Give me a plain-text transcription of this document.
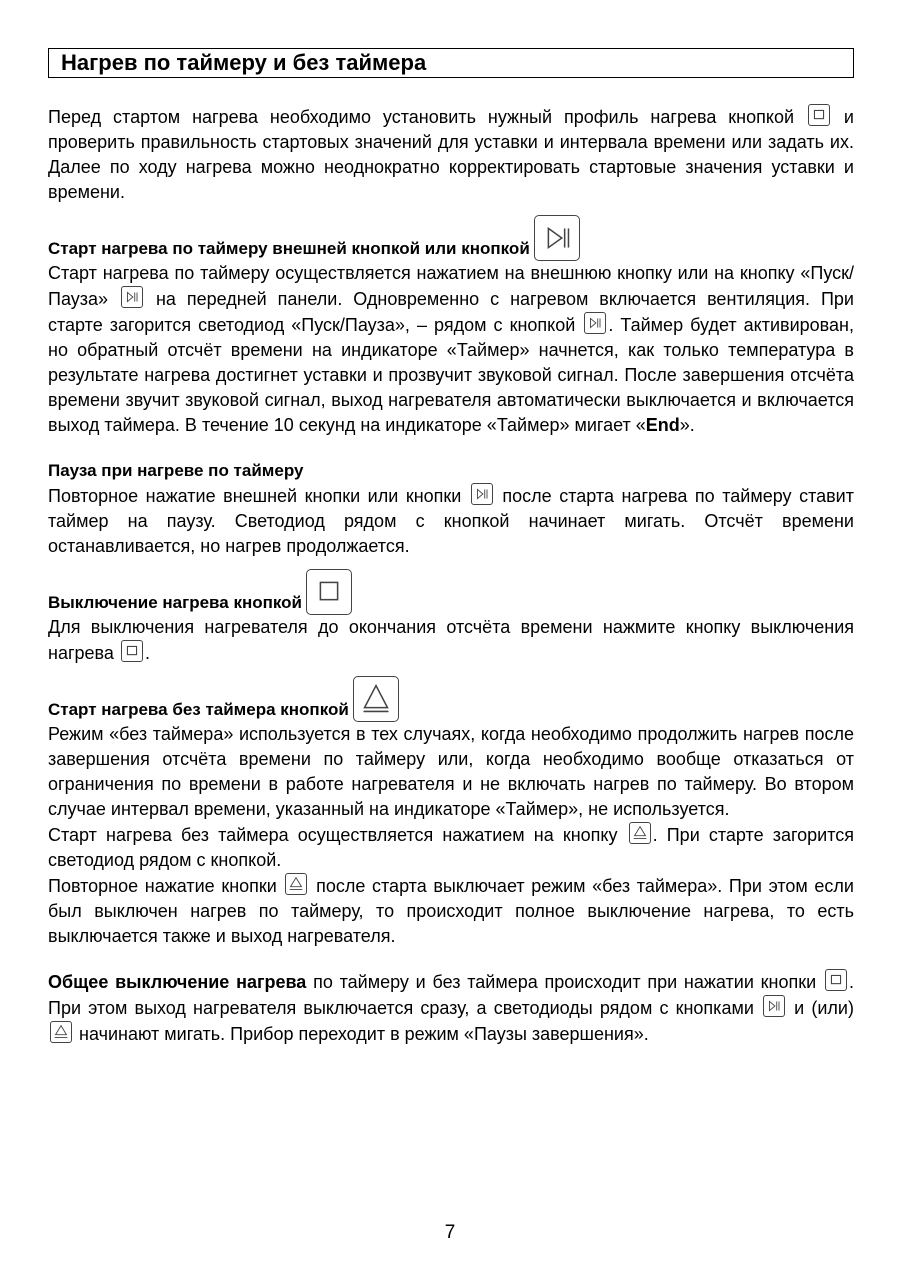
Нагрев по таймеру и без таймера

Перед стартом нагрева необходимо установить нужный профиль нагрева кнопкой	и проверить правильность стартовых значений для уставки и интервала времени или задать их. Далее по ходу нагрева можно неоднократно корректировать стартовые значения уставки и времени.

Старт нагрева по таймеру внешней кнопкой или кнопкой

Старт нагрева по таймеру осуществляется нажатием на внешнюю кнопку или на кнопку «Пуск/Пауза»	на передней панели. Одновременно с нагревом включается вентиляция. При старте загорится светодиод «Пуск/Пауза», – рядом с кнопкой . Таймер будет активирован, но обратный отсчёт времени на индикаторе «Таймер» начнется, как только температура в результате нагрева достигнет уставки и прозвучит звуковой сигнал. После завершения отсчёта времени звучит звуковой сигнал, выход нагревателя автоматически выключается и включается выход таймера. В течение 10 секунд на индикаторе «Таймер» мигает «End».

Пауза при нагреве по таймеру

Повторное нажатие внешней кнопки или кнопки после старта нагрева по таймеру ставит таймер на паузу. Светодиод рядом с кнопкой начинает мигать. Отсчёт времени останавливается, но нагрев продолжается.

Выключение нагрева кнопкой

Для выключения нагревателя до окончания отсчёта времени нажмите кнопку выключения нагрева .

Старт нагрева без таймера кнопкой

Режим «без таймера» используется в тех случаях, когда необходимо продолжить нагрев после завершения отсчёта времени по таймеру или, когда необходимо вообще отказаться от ограничения по времени в работе нагревателя и не включать нагрев по таймеру. Во втором случае интервал времени, указанный на индикаторе «Таймер», не используется.

Старт нагрева без таймера осуществляется нажатием на кнопку . При старте загорится светодиод рядом с кнопкой.

Повторное нажатие кнопки после старта выключает режим «без таймера». При этом если был выключен нагрев по таймеру, то происходит полное выключение нагрева, то есть выключается также и выход нагревателя.

Общее выключение нагрева по таймеру и без таймера происходит при нажатии кнопки . При этом выход нагревателя выключается сразу, а светодиоды рядом с кнопками и (или)
начинают мигать. Прибор переходит в режим «Паузы завершения».

7
